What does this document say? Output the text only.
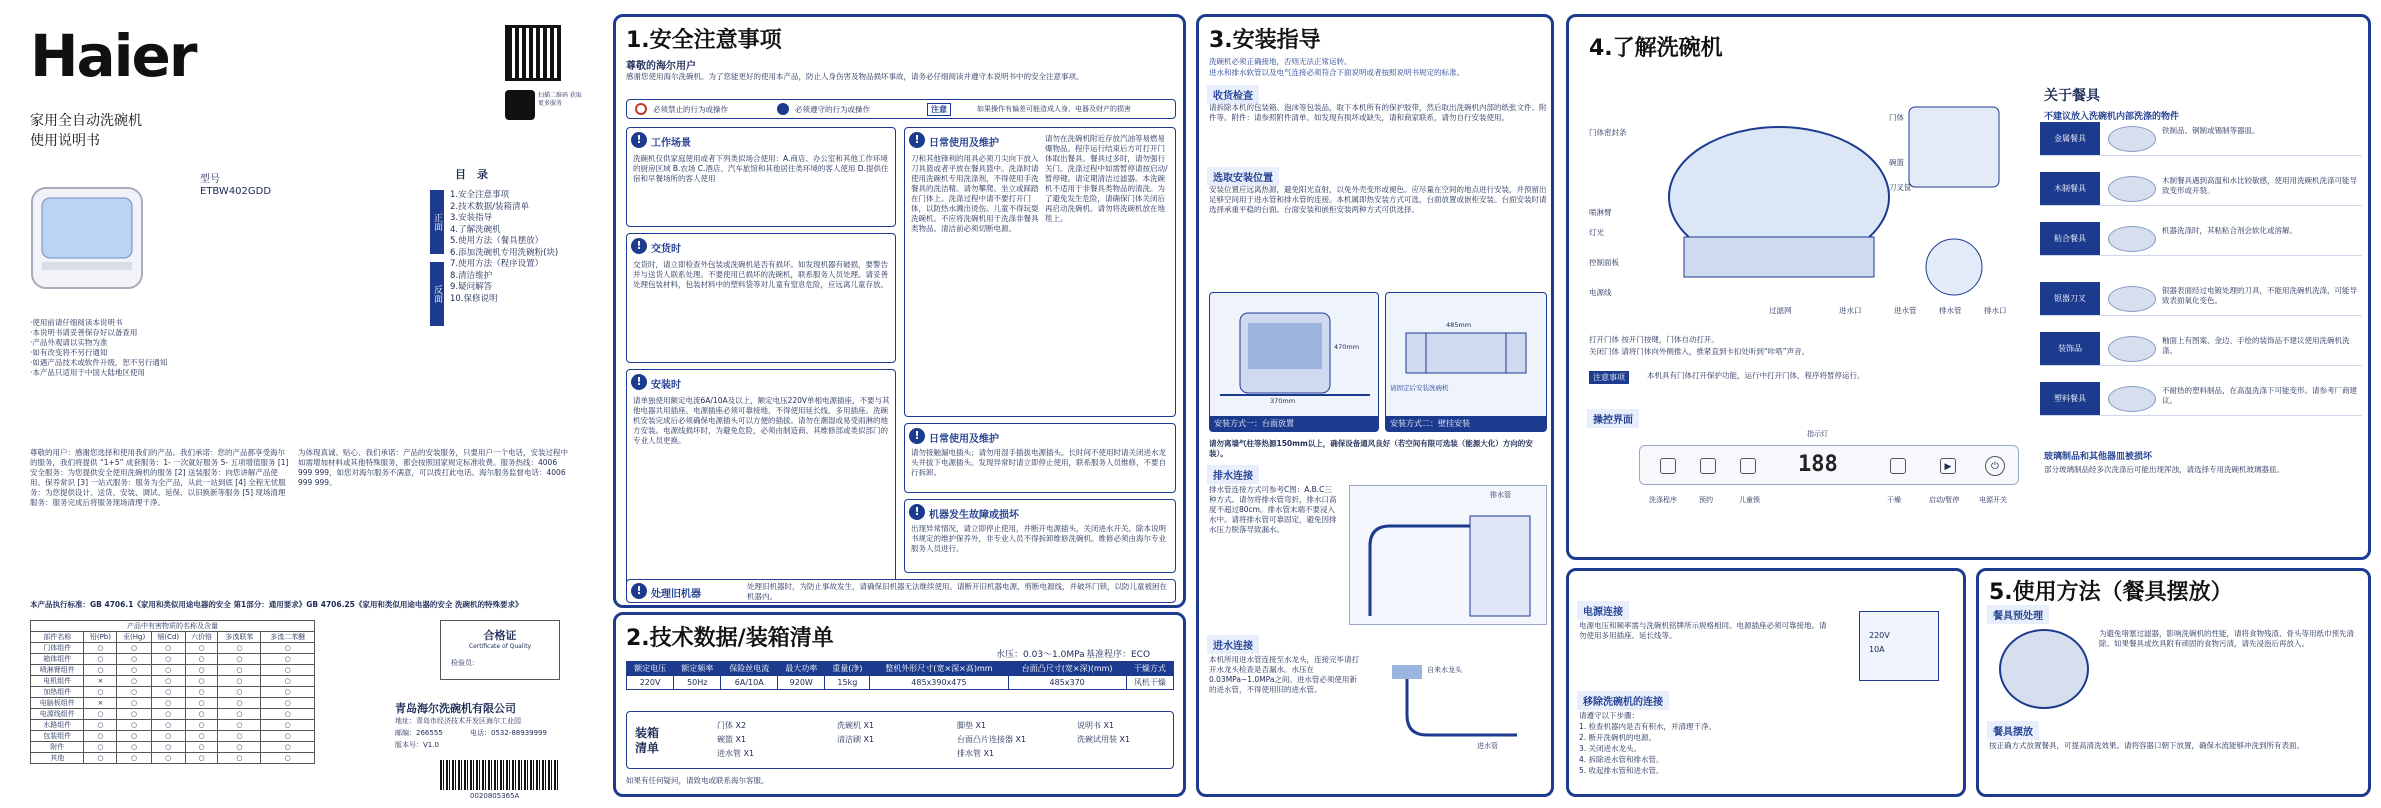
Haier
家用全自动洗碗机
使用说明书
型号
ETBW402GDD
目　录
正面
反面
1.安全注意事项
2.技术数据/装箱清单
3.安装指导
4.了解洗碗机
5.使用方法（餐具摆放）
6.添加洗碗机专用洗碗粉(块)
7.使用方法（程序设置）
8.清洁维护
9.疑问解答
10.保修说明
·使用前请仔细阅读本说明书
·本说明书请妥善保存好以备查用
·产品外观请以实物为准
·如有改变将不另行通知
·如遇产品技术或软件升级，恕不另行通知
·本产品只适用于中国大陆地区使用
扫描二维码 获取更多服务
尊敬的用户：感谢您选择和使用我们的产品。我们承诺：您的产品都享受海尔的服务，我们将提供 “1+5” 成套服务：1- 一次就好服务 5- 五项增值服务 [1] 安全服务：为您提供安全使用洗碗机的服务 [2] 送装服务：向您讲解产品使用、保养常识 [3] 一站式服务：服务为全产品，从此一站到底 [4] 全程无忧服务：为您提供设计、送货、安装、调试、延保、以旧换新等服务 [5] 现场清理服务：服务完成后将服务现场清理干净。
为体现真诚、贴心、我们承诺：产品的安装服务，只要用户一个电话，安装过程中如需增加材料或其他特殊服务，都会按照国家规定标准收费。服务热线：4006 999 999，如您对海尔服务不满意，可以拨打此电话。海尔服务监督电话：4006 999 999。
本产品执行标准：GB 4706.1《家用和类似用途电器的安全 第1部分：通用要求》GB 4706.25《家用和类似用途电器的安全 洗碗机的特殊要求》
产品中有害物质的名称及含量
部件名称	铅(Pb)	汞(Hg)	镉(Cd)	六价铬	多溴联苯	多溴二苯醚
门体组件	○	○	○	○	○	○
箱体组件	○	○	○	○	○	○
喷淋臂组件	○	○	○	○	○	○
电机组件	×	○	○	○	○	○
加热组件	○	○	○	○	○	○
电脑板组件	×	○	○	○	○	○
电源线组件	○	○	○	○	○	○
水路组件	○	○	○	○	○	○
包装组件	○	○	○	○	○	○
附件	○	○	○	○	○	○
其他	○	○	○	○	○	○
合格证
Certificate of Quality
检验员：
青岛海尔洗碗机有限公司
地址：青岛市经济技术开发区海尔工业园
邮编：266555	电话：0532-88939999
版本号：V1.0
0020805365A
1.安全注意事项
尊敬的海尔用户
感谢您使用海尔洗碗机。为了您能更好的使用本产品，防止人身伤害及物品损坏事故，请务必仔细阅读并遵守本说明书中的安全注意事项。
必须禁止的行为或操作	必须遵守的行为或操作	注意	如果操作有偏差可能造成人身、电器及财产的损害
! 工作场景
洗碗机仅供家庭使用或者下列类似场合使用：A.商店、办公室和其他工作环境的厨房区域 B.农场 C.酒店、汽车旅馆和其他居住类环境的客人使用 D.提供住宿和早餐场所的客人使用
! 交货时
交货时，请立即检查外包装或洗碗机是否有损坏。如发现机器有破损，要警告并与送货人联系处理。不要使用已损坏的洗碗机，联系服务人员处理。请妥善处理包装材料，包装材料中的塑料袋等对儿童有窒息危险，应远离儿童存放。
! 安装时
请单独使用额定电流6A/10A及以上，额定电压220V单相电源插座，不要与其他电器共用插座。电源插座必须可靠接地，不得使用延长线、多用插座。洗碗机安装完成后必须确保电源插头可以方便的插拔。请勿在潮湿或易受雨淋的地方安装。电源线损坏时，为避免危险，必须由制造商、其维修部或类似部门的专业人员更换。
! 处理旧机器
处理旧机器时，为防止事故发生，请确保旧机器无法继续使用。请断开旧机器电源，剪断电源线，并破坏门锁，以防儿童被困在机器内。
! 日常使用及维护
刀和其他锋利的用具必须刀尖向下放入刀具篮或者平放在餐具篮中。洗涤时请使用洗碗机专用洗涤剂，不得使用手洗餐具的洗洁精。请勿攀爬、坐立或踩踏在门体上。洗涤过程中请不要打开门体，以防热水溅出烫伤。儿童不得玩耍洗碗机。不应将洗碗机用于洗涤非餐具类物品。清洁前必须切断电源。
请勿在洗碗机附近存放汽油等易燃易爆物品。程序运行结束后方可打开门体取出餐具。餐具过多时，请勿强行关门。洗涤过程中如需暂停请按启动/暂停键。请定期清洁过滤器。本洗碗机不适用于非餐具类物品的清洗。为了避免发生危险，请确保门体关闭后再启动洗碗机。请勿将洗碗机放在地毯上。
! 日常使用及维护
请勿接触漏电插头；请勿用湿手插拔电源插头。长时间不使用时请关闭进水龙头并拔下电源插头。发现异常时请立即停止使用，联系服务人员维修，不要自行拆卸。
! 机器发生故障或损坏
出现异常情况，请立即停止使用，并断开电源插头，关闭进水开关。除本说明书规定的维护保养外，非专业人员不得拆卸维修洗碗机。维修必须由海尔专业服务人员进行。
2.技术数据/装箱清单
水压：0.03～1.0MPa 基准程序：ECO
额定电压	额定频率	保险丝电流	最大功率	重量(净)	整机外形尺寸(宽×深×高)mm	台面凸尺寸(宽×深)(mm)	干燥方式
220V	50Hz	6A/10A	920W	15kg	485x390x475	485x370	风机干燥
装箱清单
门体 X2
碗篮 X1
洗碗机 X1
清洁刷 X1
脚垫 X1
台面凸片连接器 X1
说明书 X1
洗碗试用装 X1
进水管 X1	排水管 X1
如果有任何疑问，请致电或联系海尔客服。
3.安装指导
洗碗机必须正确接地，否则无法正常运转。
进水和排水软管以及电气连接必须符合下面说明或者按照说明书规定的标准。
收货检查
请拆除本机的包装箱、泡沫等包装品，取下本机所有的保护胶带，然后取出洗碗机内部的纸张文件、附件等。附件：请参照附件清单。如发现有损坏或缺失，请和商家联系，请勿自行安装使用。
选取安装位置
安装位置应远离热源，避免阳光直射，以免外壳变形或褪色。应尽量在空间的地点进行安装，并预留出足够空间用于进水管和排水管的连接。本机属即热安装方式可选，台面放置或嵌柜安装。台面安装时请选择承重平稳的台面。台面安装和嵌柜安装两种方式可供选择。
安装方式一：台面放置
470mm
370mm
485mm
请固定后安装洗碗机
安装方式二：壁挂安装
请勿离墙气柱等热源150mm以上，确保设备通风良好（若空间有限可选装（能源大化）方向的安装）。
排水连接
排水管连接方式可参考C图：A.B.C三种方式。请勿将排水管弯折，排水口高度不超过80cm。排水管末端不要浸入水中。请将排水管可靠固定，避免因排水压力脱落导致漏水。
排水管
进水连接
本机所用进水管连接至水龙头，连接完毕请打开水龙头检查是否漏水。水压在0.03MPa~1.0MPa之间。进水管必须使用新的进水管，不得使用旧的进水管。
自来水龙头
进水管
4.了解洗碗机
门体
喷淋臂
控制面板
碗篮
刀叉筐
门体密封条
排水管
进水管	排水口
进水口
灯光
过滤网
电源线
打开门体 按开门按键，门体自动打开。
关闭门体 请将门体向外侧推入，推紧直到卡扣处听到“咔嗒”声音。
注意事项	本机具有门体打开保护功能，运行中打开门体，程序将暂停运行。
操控界面
188	▶	⏻
洗涤程序	预约	儿童锁	干燥	启动/暂停	电源开关
指示灯
关于餐具
不建议放入洗碗机内部洗涤的物件
玻璃制品和其他器皿被损坏
部分玻璃制品经多次洗涤后可能出现浑浊，请选择专用洗碗机玻璃器皿。
金属餐具
铁制品、铜制或锡制等器皿。
木制餐具
木制餐具遇到高温和水比较敏感，使用用洗碗机洗涤可能导致变形或开裂。
粘合餐具
机器洗涤时，其粘粘合剂会软化或溶解。
银器刀叉
银器表面经过电镀处理的刀具，不能用洗碗机洗涤，可能导致表面氧化变色。
装饰品
釉面上有图案、金边、手绘的装饰品不建议使用洗碗机洗涤。
塑料餐具
不耐热的塑料制品，在高温洗涤下可能变形。请参考厂商建议。
电源连接
电源电压和频率需与洗碗机铭牌所示规格相同。电源插座必须可靠接地。请勿使用多用插座、延长线等。	220V
10A
移除洗碗机的连接
请遵守以下步骤：
1. 检查机器内是否有积水，并清理干净。
2. 断开洗碗机的电源。
3. 关闭进水龙头。
4. 拆除进水管和排水管。
5. 收起排水管和进水管。
5.使用方法（餐具摆放）
餐具预处理
为避免堵塞过滤器，影响洗碗机的性能，请将食物残渣、骨头等用纸巾预先清除。如果餐具或炊具附有顽固的食物污渍，请先浸泡后再放入。
餐具摆放
按正确方式放置餐具，可提高清洗效果。请将容器口朝下放置，确保水流能够冲洗到所有表面。
